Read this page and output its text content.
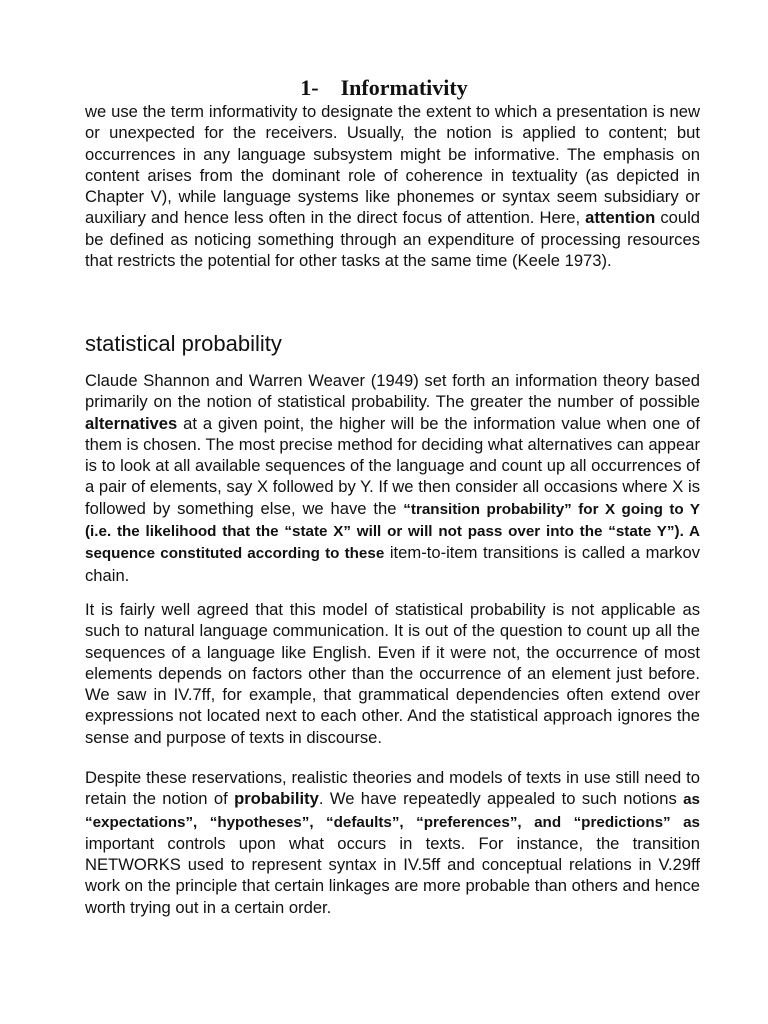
1- Informativity

we use the term informativity to designate the extent to which a presentation is new or unexpected for the receivers. Usually, the notion is applied to content; but occurrences in any language subsystem might be informative. The emphasis on content arises from the dominant role of coherence in textuality (as depicted in Chapter V), while language systems like phonemes or syntax seem subsidiary or auxiliary and hence less often in the direct focus of attention. Here, attention could be defined as noticing something through an expenditure of processing resources that restricts the potential for other tasks at the same time (Keele 1973).

statistical probability

Claude Shannon and Warren Weaver (1949) set forth an information theory based primarily on the notion of statistical probability. The greater the number of possible alternatives at a given point, the higher will be the information value when one of them is chosen. The most precise method for deciding what alternatives can appear is to look at all available sequences of the language and count up all occurrences of a pair of elements, say X followed by Y. If we then consider all occasions where X is followed by something else, we have the “transition probability” for X going to Y (i.e. the likelihood that the “state X” will or will not pass over into the “state Y”). A sequence constituted according to these item-to-item transitions is called a markov chain.

It is fairly well agreed that this model of statistical probability is not applicable as such to natural language communication. It is out of the question to count up all the sequences of a language like English. Even if it were not, the occurrence of most elements depends on factors other than the occurrence of an element just before. We saw in IV.7ff, for example, that grammatical dependencies often extend over expressions not located next to each other. And the statistical approach ignores the sense and purpose of texts in discourse.

Despite these reservations, realistic theories and models of texts in use still need to retain the notion of probability. We have repeatedly appealed to such notions as “expectations”, “hypotheses”, “defaults”, “preferences”, and “predictions” as important controls upon what occurs in texts. For instance, the transition NETWORKS used to represent syntax in IV.5ff and conceptual relations in V.29ff work on the principle that certain linkages are more probable than others and hence worth trying out in a certain order.
